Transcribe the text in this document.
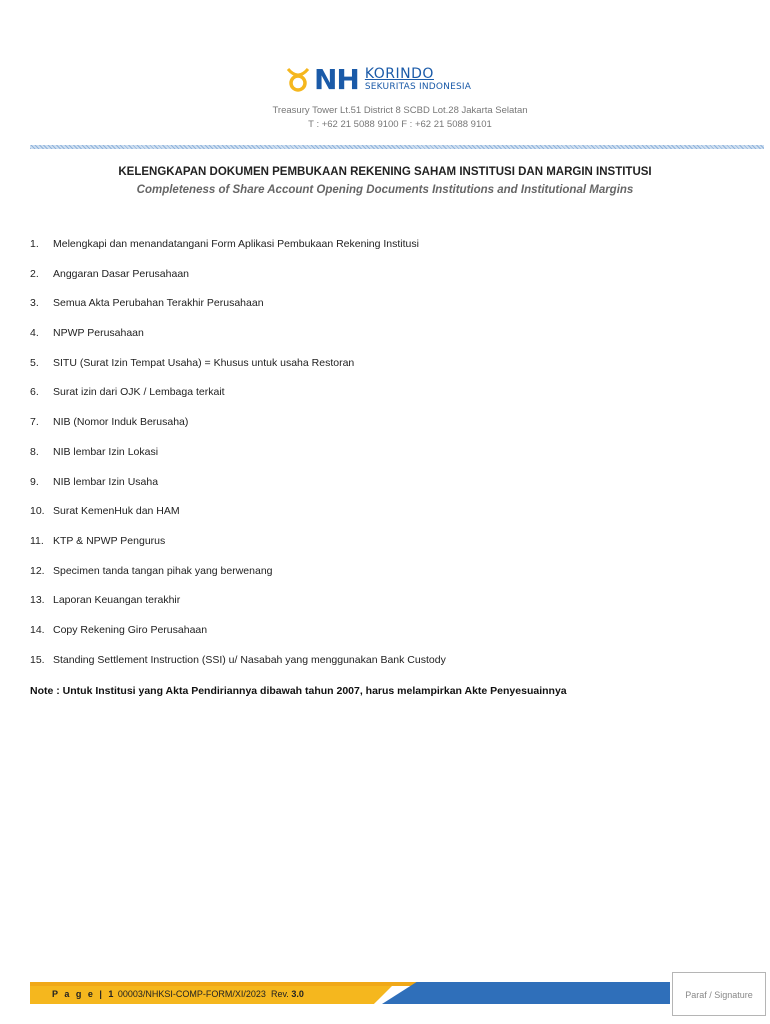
NH KORINDO
SEKURITAS INDONESIA
Treasury Tower Lt.51 District 8 SCBD Lot.28 Jakarta Selatan
T : +62 21 5088 9100 F : +62 21 5088 9101
KELENGKAPAN DOKUMEN PEMBUKAAN REKENING SAHAM INSTITUSI DAN MARGIN INSTITUSI
Completeness of Share Account Opening Documents Institutions and Institutional Margins
1.	Melengkapi dan menandatangani Form Aplikasi Pembukaan Rekening Institusi
2.	Anggaran Dasar Perusahaan
3.	Semua Akta Perubahan Terakhir Perusahaan
4.	NPWP Perusahaan
5.	SITU (Surat Izin Tempat Usaha) = Khusus untuk usaha Restoran
6.	Surat izin dari OJK / Lembaga terkait
7.	NIB (Nomor Induk Berusaha)
8.	NIB lembar Izin Lokasi
9.	NIB lembar Izin Usaha
10. Surat KemenHuk dan HAM
11. KTP & NPWP Pengurus
12. Specimen tanda tangan pihak yang berwenang
13. Laporan Keuangan terakhir
14. Copy Rekening Giro Perusahaan
15. Standing Settlement Instruction (SSI) u/ Nasabah yang menggunakan Bank Custody
Note : Untuk Institusi yang Akta Pendiriannya dibawah tahun 2007, harus melampirkan Akte Penyesuainnya
P a g e | 1 00003/NHKSI-COMP-FORM/XI/2023 Rev. 3.0	Paraf / Signature
